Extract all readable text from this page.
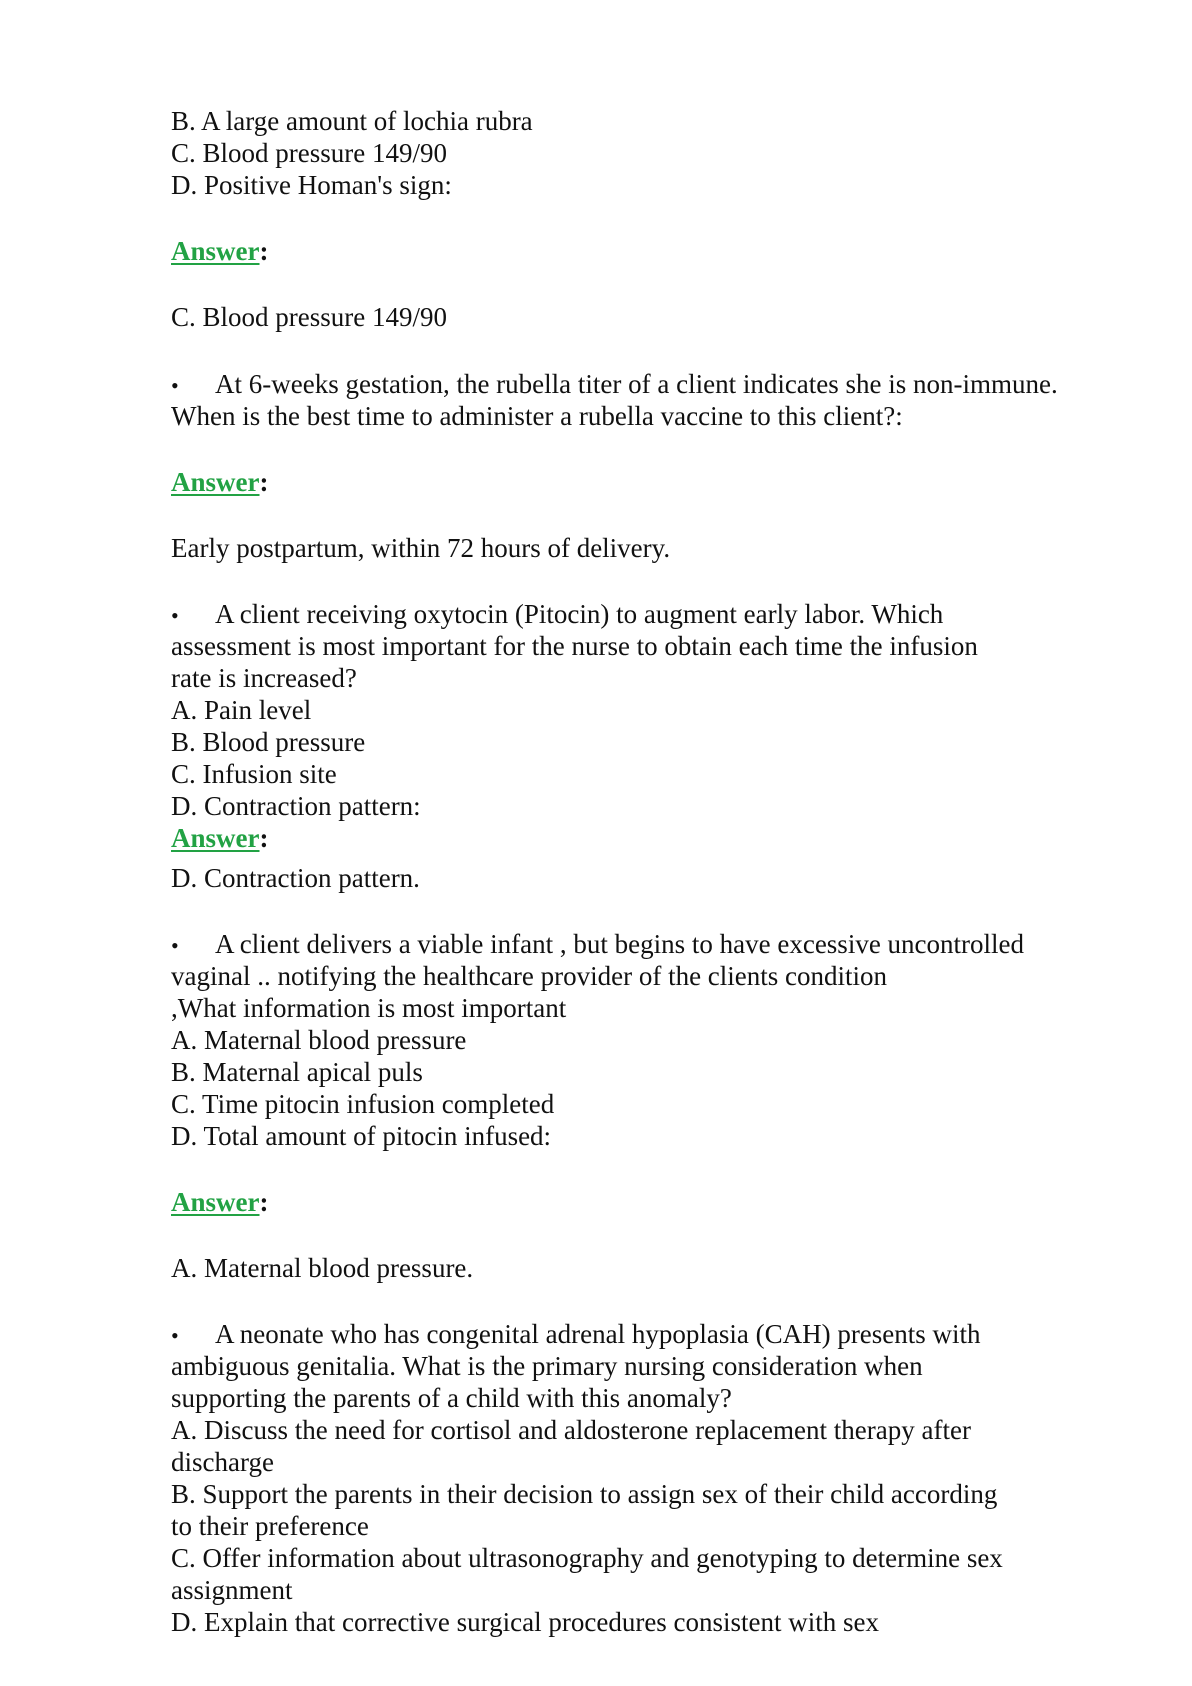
B. A large amount of lochia rubra
C. Blood pressure 149/90
D. Positive Homan's sign:
Answer:
C. Blood pressure 149/90
• At 6-weeks gestation, the rubella titer of a client indicates she is non-immune.
When is the best time to administer a rubella vaccine to this client?:
Answer:
Early postpartum, within 72 hours of delivery.
• A client receiving oxytocin (Pitocin) to augment early labor. Which
assessment is most important for the nurse to obtain each time the infusion
rate is increased?
A. Pain level
B. Blood pressure
C. Infusion site
D. Contraction pattern:
Answer:
D. Contraction pattern.
• A client delivers a viable infant , but begins to have excessive uncontrolled
vaginal .. notifying the healthcare provider of the clients condition
,What information is most important
A. Maternal blood pressure
B. Maternal apical puls
C. Time pitocin infusion completed
D. Total amount of pitocin infused:
Answer:
A. Maternal blood pressure.
• A neonate who has congenital adrenal hypoplasia (CAH) presents with
ambiguous genitalia. What is the primary nursing consideration when
supporting the parents of a child with this anomaly?
A. Discuss the need for cortisol and aldosterone replacement therapy after
discharge
B. Support the parents in their decision to assign sex of their child according
to their preference
C. Offer information about ultrasonography and genotyping to determine sex
assignment
D. Explain that corrective surgical procedures consistent with sex
